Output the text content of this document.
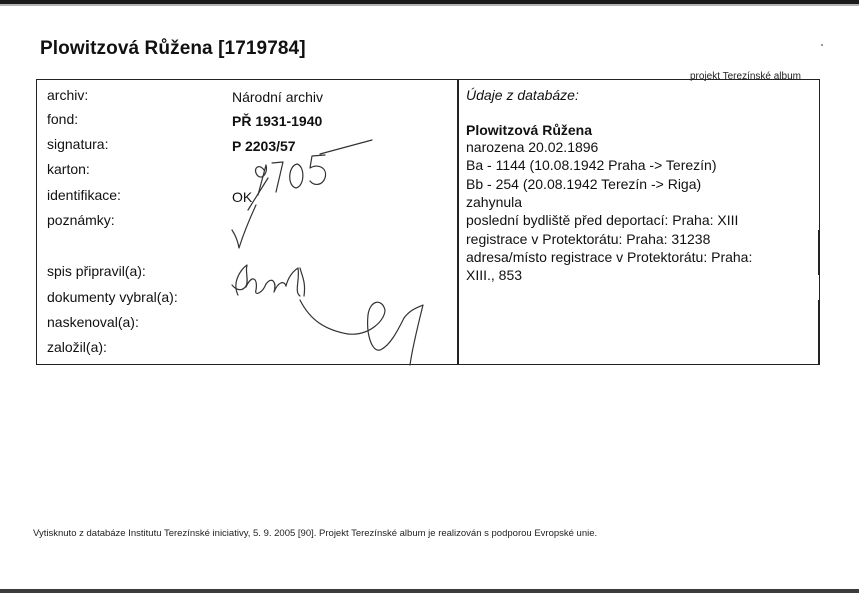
Plowitzová Růžena [1719784]
projekt Terezínské album
archiv:	Národní archiv
fond:	PŘ 1931-1940
signatura:	P 2203/57
karton:
identifikace:	OK
poznámky:
spis připravil(a):
dokumenty vybral(a):
naskenoval(a):
založil(a):
Údaje z databáze:
Plowitzová Růžena
narozena 20.02.1896
Ba - 1144 (10.08.1942 Praha -> Terezín)
Bb - 254 (20.08.1942 Terezín -> Riga)
zahynula
poslední bydliště před deportací: Praha: XIII
registrace v Protektorátu: Praha: 31238
adresa/místo registrace v Protektorátu: Praha:
XIII., 853
Vytisknuto z databáze Institutu Terezínské iniciativy, 5. 9. 2005 [90]. Projekt Terezínské album je realizován s podporou Evropské unie.
